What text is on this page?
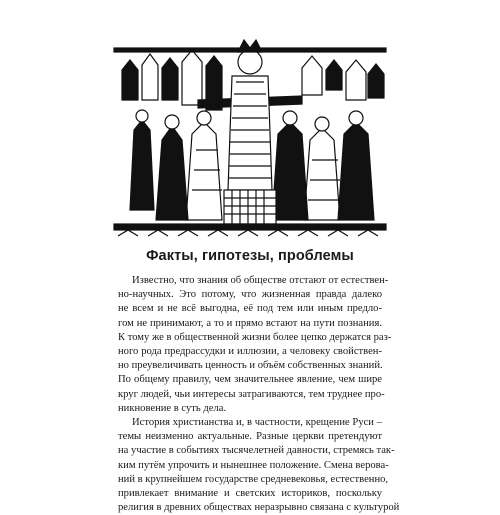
Факты, гипотезы, проблемы
Известно, что знания об обществе отстают от естествен-
но-научных. Это потому, что жизненная правда далеко
не всем и не всё выгодна, её под тем или иным предло-
гом не принимают, а то и прямо встают на пути познания.
К тому же в общественной жизни более цепко держатся раз-
ного рода предрассудки и иллюзии, а человеку свойствен-
но преувеличивать ценность и объём собственных знаний.
По общему правилу, чем значительнее явление, чем шире
круг людей, чьи интересы затрагиваются, тем труднее про-
никновение в суть дела.
История христианства и, в частности, крещение Руси –
темы неизменно актуальные. Разные церкви претендуют
на участие в событиях тысячелетней давности, стремясь так-
ким путём упрочить и нынешнее положение. Смена верова-
ний в крупнейшем государстве средневековья, естественно,
привлекает внимание и светских историков, поскольку
религия в древних обществах неразрывно связана с культурой
